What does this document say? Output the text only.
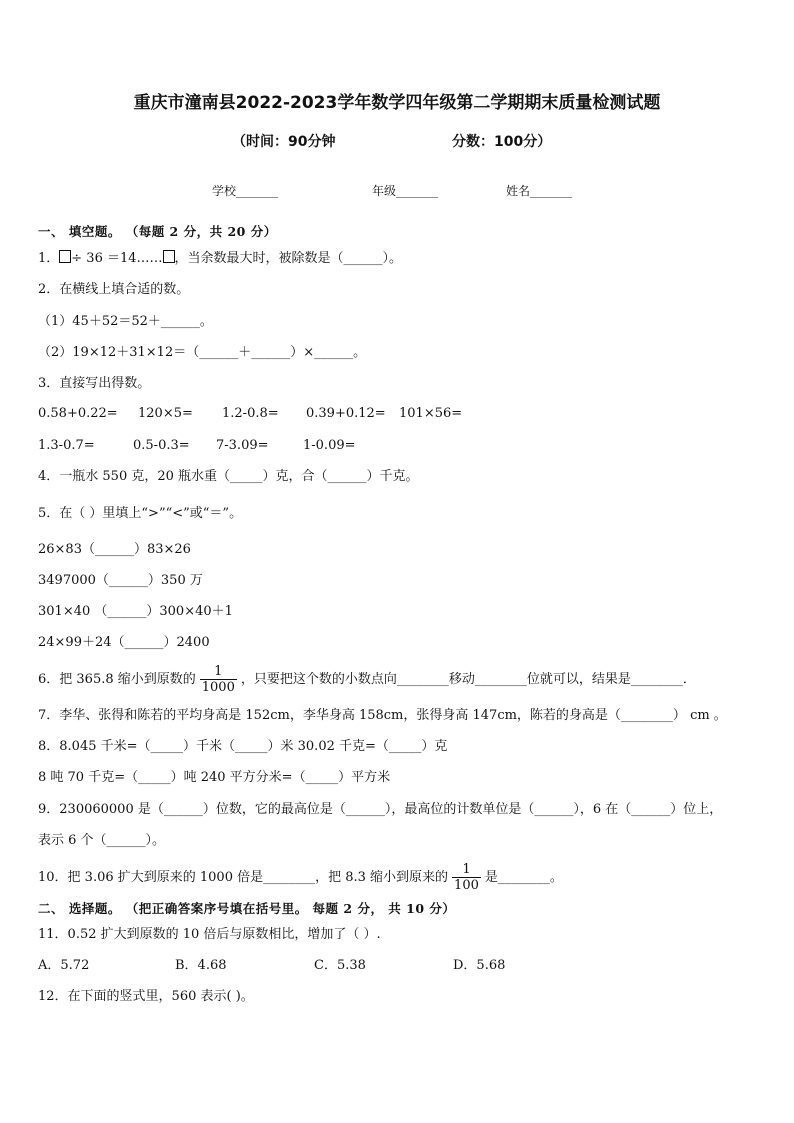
重庆市潼南县2022-2023学年数学四年级第二学期期末质量检测试题
（时间：90分钟	分数：100分）
学校_______	年级_______	姓名_______
一、 填空题。 （每题 2 分，共 20 分）
1． ÷ 36 ＝14…… ，当余数最大时，被除数是（______）。
2．在横线上填合适的数。
（1）45＋52＝52＋______。
（2）19×12＋31×12＝（______＋______）×______。
3．直接写出得数。
0.58+0.22= 120×5= 1.2-0.8= 0.39+0.12= 101×56=
1.3-0.7=	0.5-0.3= 7-3.09=	1-0.09=
4．一瓶水 550 克，20 瓶水重（_____）克，合（______）千克。
5．在（ ）里填上“>”“<”或“＝”。
26×83（______）83×26
3497000（______）350 万
301×40 （______）300×40＋1
24×99＋24（______）2400
6．把 365.8 缩小到原数的 $\frac{1}{1000}$ ，只要把这个数的小数点向________移动________位就可以，结果是________．
7．李华、张得和陈若的平均身高是 152cm，李华身高 158cm，张得身高 147cm，陈若的身高是（________） cm 。
8．8.045 千米=（_____）千米（_____）米 30.02 千克=（_____）克
8 吨 70 千克=（_____）吨 240 平方分米=（_____）平方米
9．230060000 是（______）位数，它的最高位是（______），最高位的计数单位是（______），6 在（______）位上，
表示 6 个（______）。
10．把 3.06 扩大到原来的 1000 倍是________，把 8.3 缩小到原来的 $\frac{1}{100}$ 是________。
二、 选择题。 （把正确答案序号填在括号里。 每题 2 分， 共 10 分）
11．0.52 扩大到原数的 10 倍后与原数相比，增加了（ ）.
A．5.72	B．4.68	C．5.38	D．5.68
12．在下面的竖式里，560 表示( )。
